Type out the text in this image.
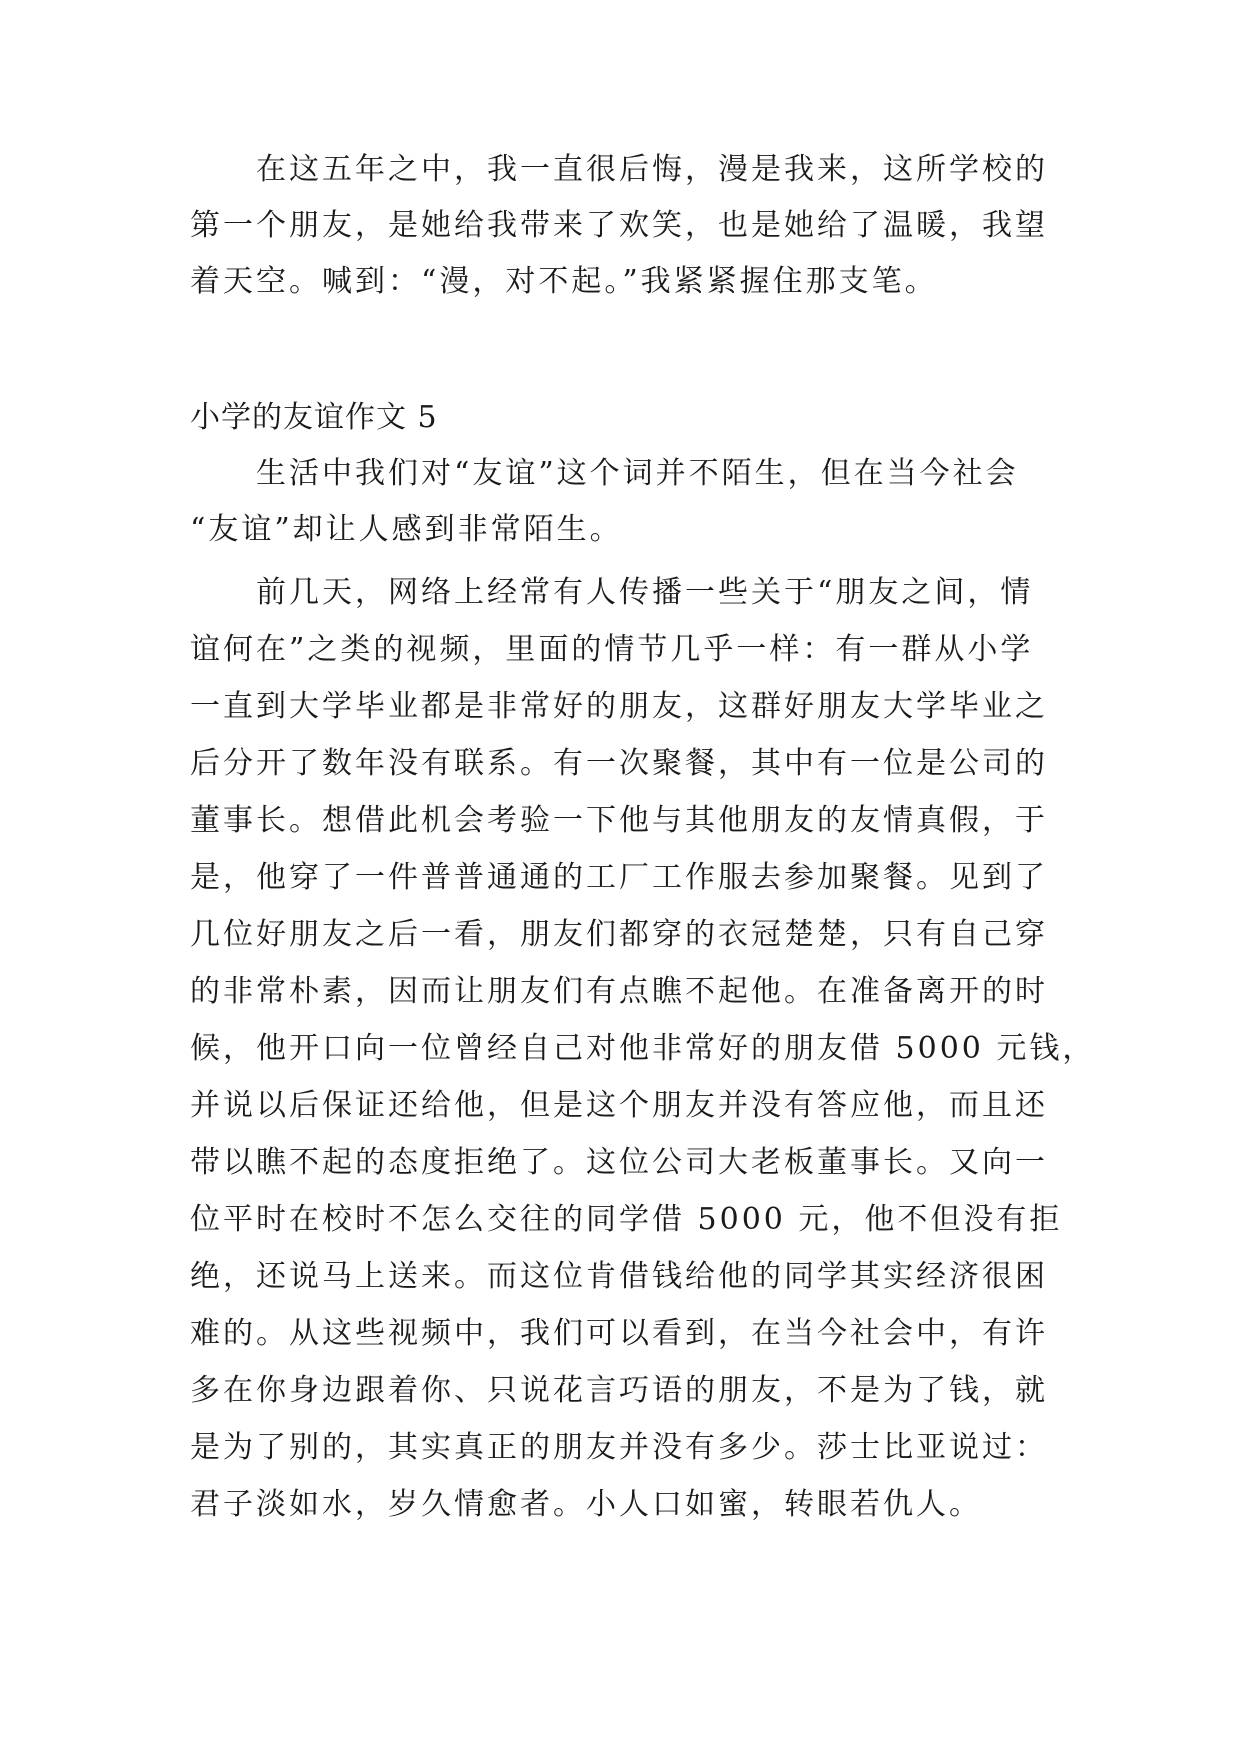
在这五年之中，我一直很后悔，漫是我来，这所学校的
第一个朋友，是她给我带来了欢笑，也是她给了温暖，我望
着天空。喊到：“漫，对不起。”我紧紧握住那支笔。
小学的友谊作文 5
生活中我们对“友谊”这个词并不陌生，但在当今社会
“友谊”却让人感到非常陌生。
前几天，网络上经常有人传播一些关于“朋友之间，情
谊何在”之类的视频，里面的情节几乎一样：有一群从小学
一直到大学毕业都是非常好的朋友，这群好朋友大学毕业之
后分开了数年没有联系。有一次聚餐，其中有一位是公司的
董事长。想借此机会考验一下他与其他朋友的友情真假，于
是，他穿了一件普普通通的工厂工作服去参加聚餐。见到了
几位好朋友之后一看，朋友们都穿的衣冠楚楚，只有自己穿
的非常朴素，因而让朋友们有点瞧不起他。在准备离开的时
候，他开口向一位曾经自己对他非常好的朋友借 5000 元钱，
并说以后保证还给他，但是这个朋友并没有答应他，而且还
带以瞧不起的态度拒绝了。这位公司大老板董事长。又向一
位平时在校时不怎么交往的同学借 5000 元，他不但没有拒
绝，还说马上送来。而这位肯借钱给他的同学其实经济很困
难的。从这些视频中，我们可以看到，在当今社会中，有许
多在你身边跟着你、只说花言巧语的朋友，不是为了钱，就
是为了别的，其实真正的朋友并没有多少。莎士比亚说过：
君子淡如水，岁久情愈者。小人口如蜜，转眼若仇人。
